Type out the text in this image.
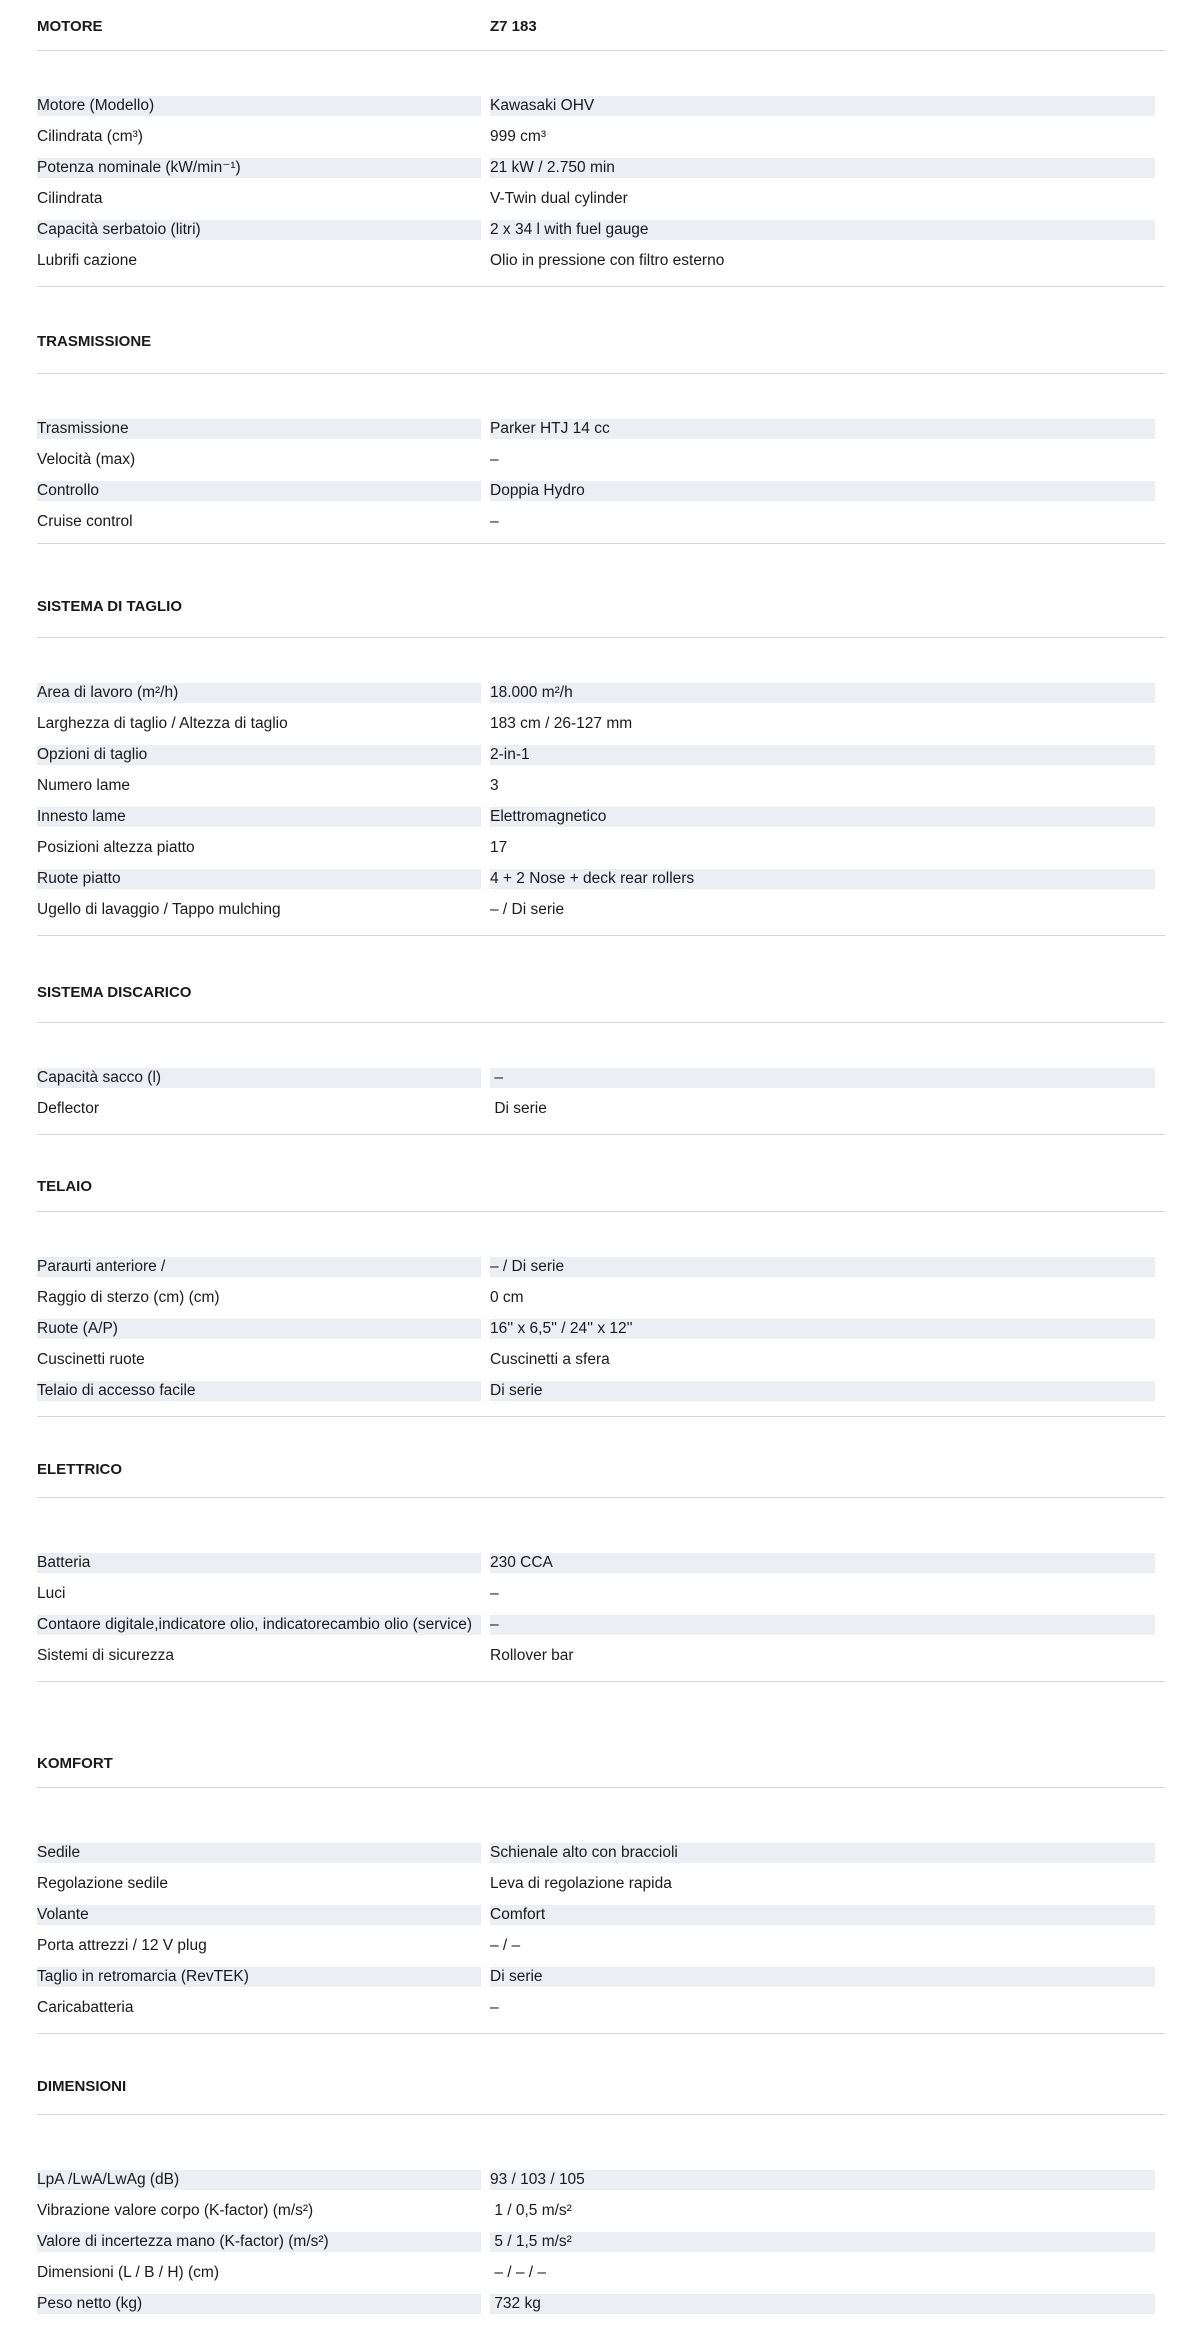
MOTORE	Z7 183
Motore (Modello)	Kawasaki OHV
Cilindrata (cm³)	999 cm³
Potenza nominale (kW/min⁻¹)	21 kW / 2.750 min
Cilindrata	V-Twin dual cylinder
Capacità serbatoio (litri)	2 x 34 l with fuel gauge
Lubrifi cazione	Olio in pressione con filtro esterno
TRASMISSIONE
Trasmissione	Parker HTJ 14 cc
Velocità (max)	–
Controllo	Doppia Hydro
Cruise control	–
SISTEMA DI TAGLIO
Area di lavoro (m²/h)	18.000 m²/h
Larghezza di taglio / Altezza di taglio	183 cm / 26-127 mm
Opzioni di taglio	2-in-1
Numero lame	3
Innesto lame	Elettromagnetico
Posizioni altezza piatto	17
Ruote piatto	4 + 2 Nose + deck rear rollers
Ugello di lavaggio / Tappo mulching	– / Di serie
SISTEMA DISCARICO
Capacità sacco (l)	–
Deflector	Di serie
TELAIO
Paraurti anteriore /	– / Di serie
Raggio di sterzo (cm) (cm)	0 cm
Ruote (A/P)	16'' x 6,5'' / 24'' x 12''
Cuscinetti ruote	Cuscinetti a sfera
Telaio di accesso facile	Di serie
ELETTRICO
Batteria	230 CCA
Luci	–
Contaore digitale,indicatore olio, indicatorecambio olio (service)	–
Sistemi di sicurezza	Rollover bar
KOMFORT
Sedile	Schienale alto con braccioli
Regolazione sedile	Leva di regolazione rapida
Volante	Comfort
Porta attrezzi / 12 V plug	– / –
Taglio in retromarcia (RevTEK)	Di serie
Caricabatteria	–
DIMENSIONI
LpA /LwA/LwAg (dB)	93 / 103 / 105
Vibrazione valore corpo (K-factor) (m/s²)	1 / 0,5 m/s²
Valore di incertezza mano (K-factor) (m/s²)	5 / 1,5 m/s²
Dimensioni (L / B / H) (cm)	– / – / –
Peso netto (kg)	732 kg
